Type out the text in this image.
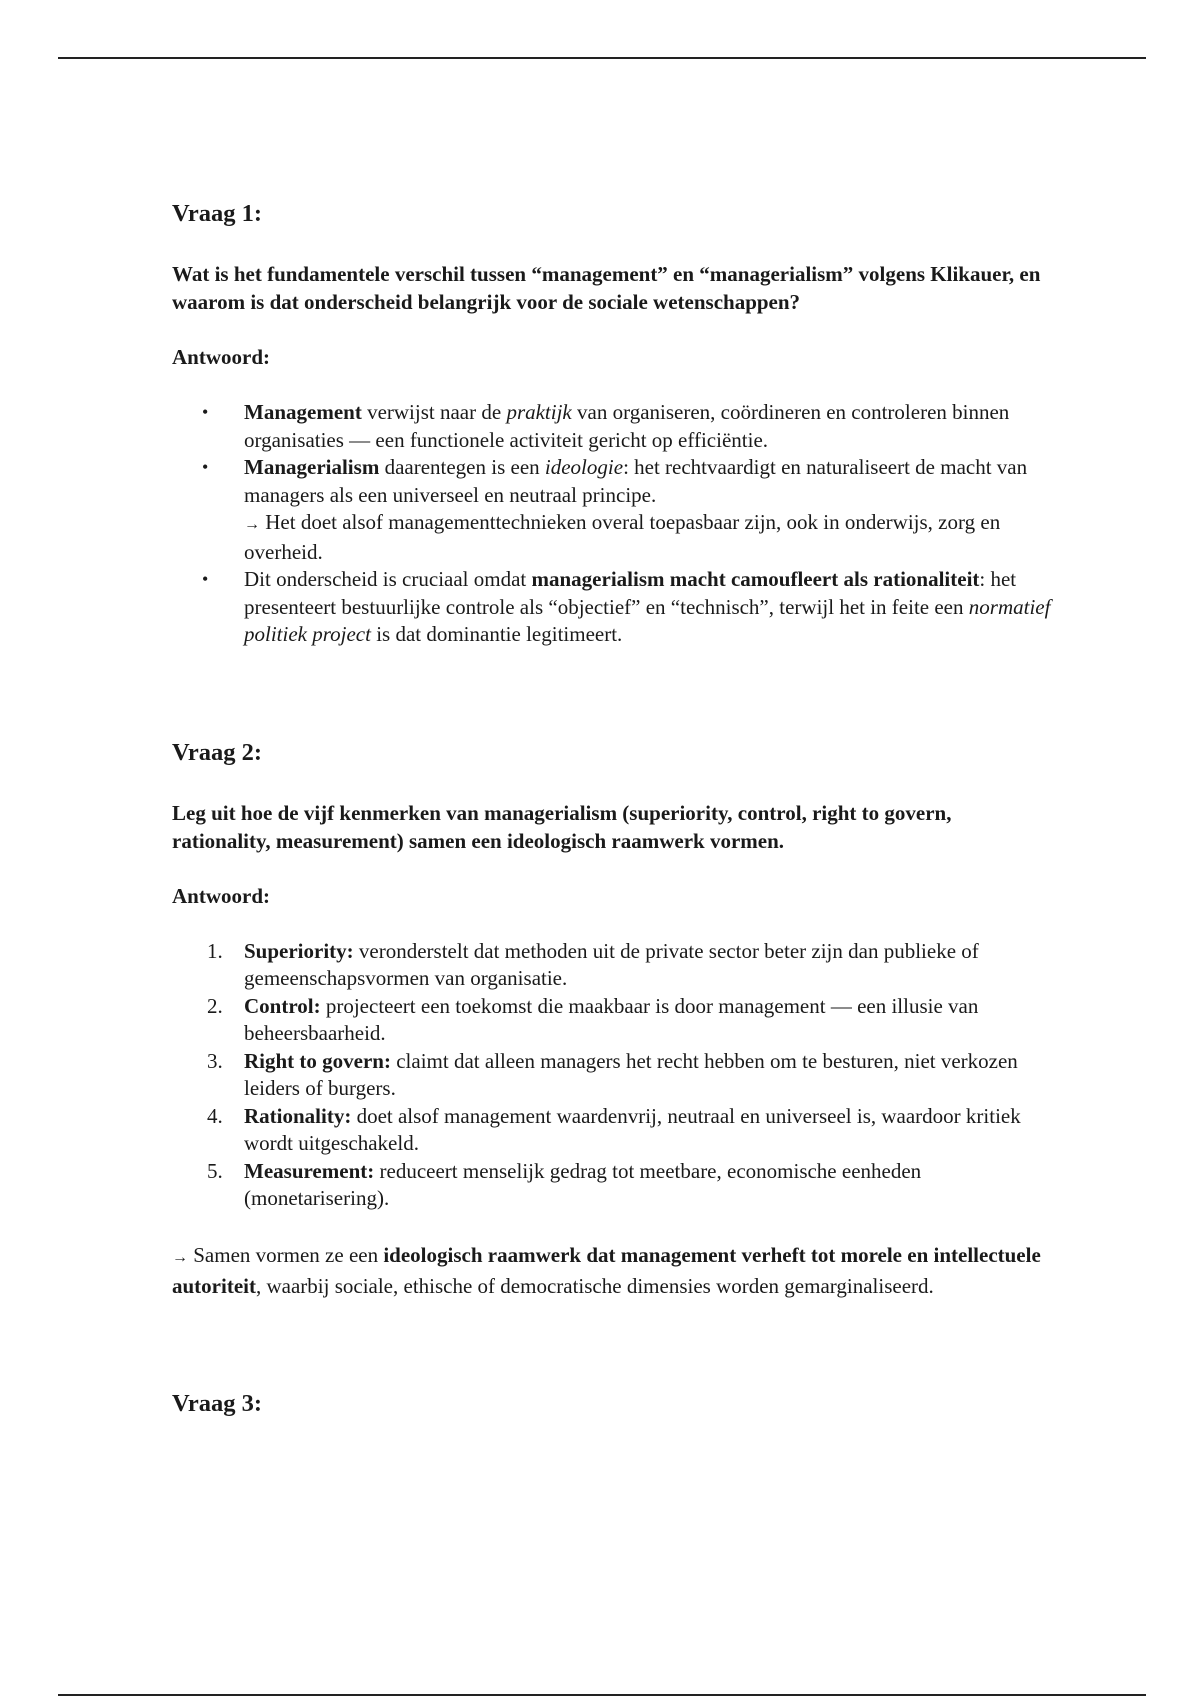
Vraag 1:

Wat is het fundamentele verschil tussen “management” en “managerialism” volgens Klikauer, en waarom is dat onderscheid belangrijk voor de sociale wetenschappen?

Antwoord:

• Management verwijst naar de praktijk van organiseren, coördineren en controleren binnen organisaties — een functionele activiteit gericht op efficiëntie.
• Managerialism daarentegen is een ideologie: het rechtvaardigt en naturaliseert de macht van managers als een universeel en neutraal principe.
→ Het doet alsof managementtechnieken overal toepasbaar zijn, ook in onderwijs, zorg en overheid.
• Dit onderscheid is cruciaal omdat managerialism macht camoufleert als rationaliteit: het presenteert bestuurlijke controle als “objectief” en “technisch”, terwijl het in feite een normatief politiek project is dat dominantie legitimeert.
Vraag 2:

Leg uit hoe de vijf kenmerken van managerialism (superiority, control, right to govern, rationality, measurement) samen een ideologisch raamwerk vormen.

Antwoord:

1.	Superiority: veronderstelt dat methoden uit de private sector beter zijn dan publieke of gemeenschapsvormen van organisatie.
2.	Control: projecteert een toekomst die maakbaar is door management — een illusie van beheersbaarheid.
3.	Right to govern: claimt dat alleen managers het recht hebben om te besturen, niet verkozen leiders of burgers.
4.	Rationality: doet alsof management waardenvrij, neutraal en universeel is, waardoor kritiek wordt uitgeschakeld.
5.	Measurement: reduceert menselijk gedrag tot meetbare, economische eenheden (monetarisering).

→ Samen vormen ze een ideologisch raamwerk dat management verheft tot morele en intellectuele autoriteit, waarbij sociale, ethische of democratische dimensies worden gemarginaliseerd.

Vraag 3:
